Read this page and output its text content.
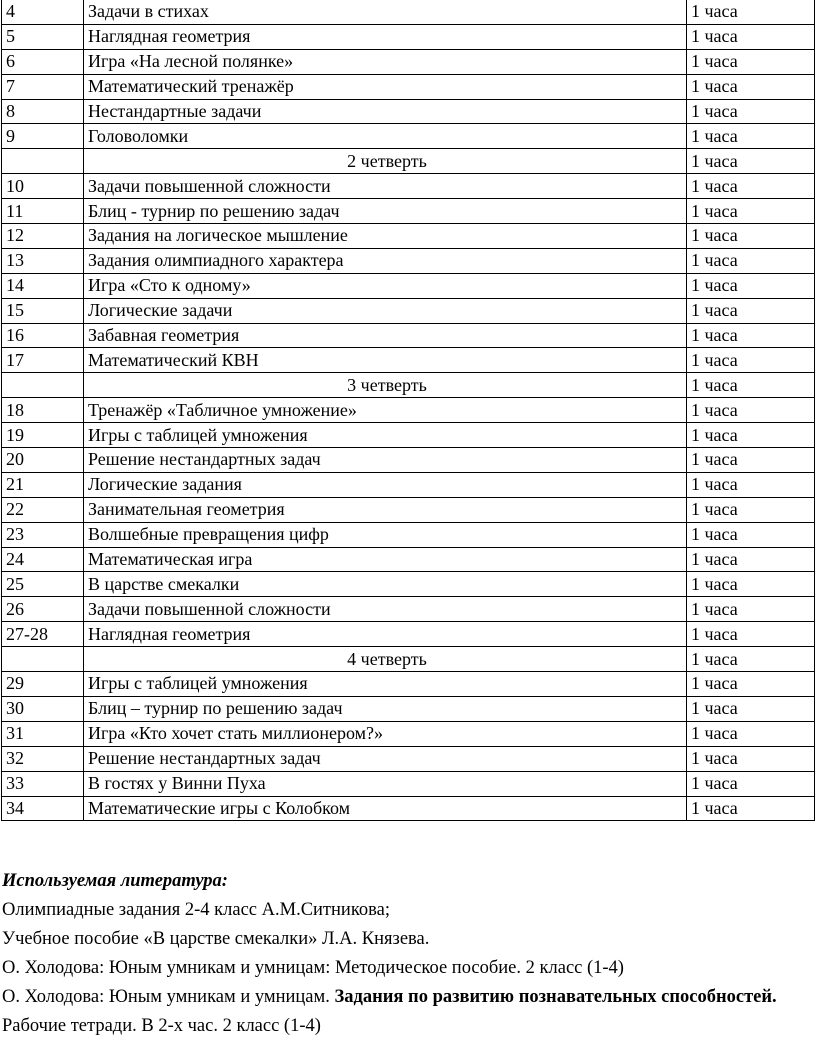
4	Задачи в стихах	1 часа
5	Наглядная геометрия	1 часа
6	Игра «На лесной полянке»	1 часа
7	Математический тренажёр	1 часа
8	Нестандартные задачи	1 часа
9	Головоломки	1 часа
	2 четверть	1 часа
10	Задачи повышенной сложности	1 часа
11	Блиц - турнир по решению задач	1 часа
12	Задания на логическое мышление	1 часа
13	Задания олимпиадного характера	1 часа
14	Игра «Сто к одному»	1 часа
15	Логические задачи	1 часа
16	Забавная геометрия	1 часа
17	Математический КВН	1 часа
	3 четверть	1 часа
18	Тренажёр «Табличное умножение»	1 часа
19	Игры с таблицей умножения	1 часа
20	Решение нестандартных задач	1 часа
21	Логические задания	1 часа
22	Занимательная геометрия	1 часа
23	Волшебные превращения цифр	1 часа
24	Математическая игра	1 часа
25	В царстве смекалки	1 часа
26	Задачи повышенной сложности	1 часа
27-28	Наглядная геометрия	1 часа
	4 четверть	1 часа
29	Игры с таблицей умножения	1 часа
30	Блиц – турнир по решению задач	1 часа
31	Игра «Кто хочет стать миллионером?»	1 часа
32	Решение нестандартных задач	1 часа
33	В гостях у Винни Пуха	1 часа
34	Математические игры с Колобком	1 часа

Используемая литература:

Олимпиадные задания 2-4 класс А.М.Ситникова;

Учебное пособие «В царстве смекалки» Л.А. Князева.

О. Холодова: Юным умникам и умницам: Методическое пособие. 2 класс (1-4)

О. Холодова: Юным умникам и умницам. Задания по развитию познавательных способностей. Рабочие тетради. В 2-х час. 2 класс (1-4)
